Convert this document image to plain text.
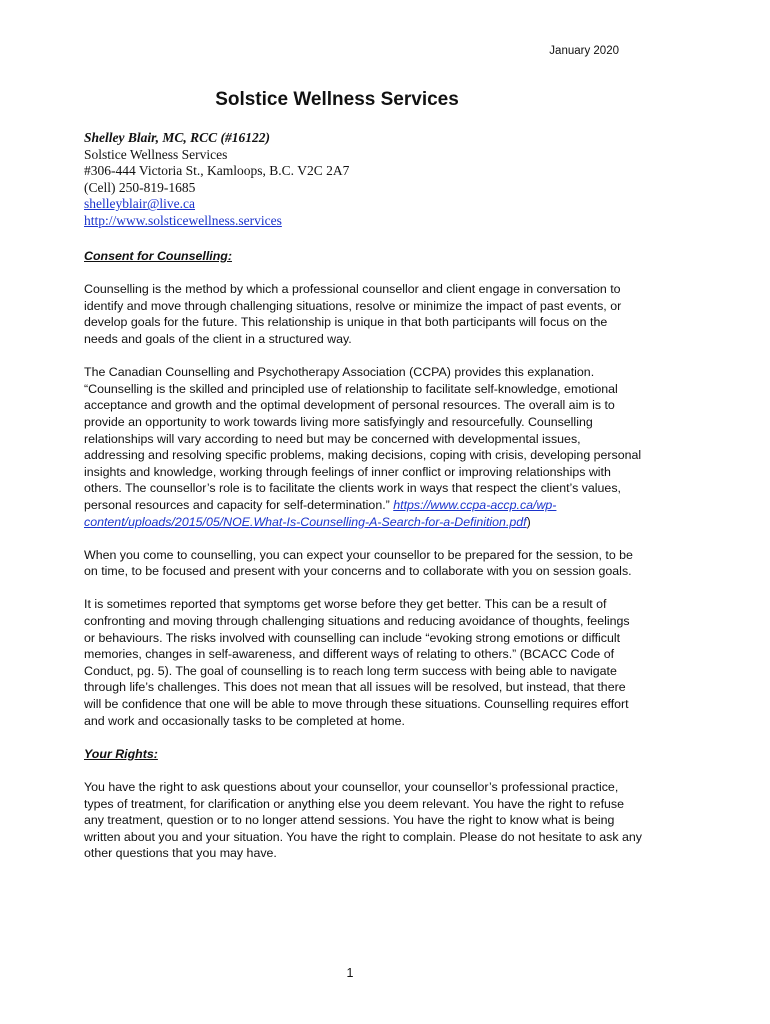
January 2020
Solstice Wellness Services
Shelley Blair, MC, RCC (#16122)
Solstice Wellness Services
#306-444 Victoria St., Kamloops, B.C. V2C 2A7
(Cell) 250-819-1685
shelleyblair@live.ca
http://www.solsticewellness.services
Consent for Counselling:

Counselling is the method by which a professional counsellor and client engage in conversation to identify and move through challenging situations, resolve or minimize the impact of past events, or develop goals for the future. This relationship is unique in that both participants will focus on the needs and goals of the client in a structured way.

The Canadian Counselling and Psychotherapy Association (CCPA) provides this explanation. “Counselling is the skilled and principled use of relationship to facilitate self-knowledge, emotional acceptance and growth and the optimal development of personal resources. The overall aim is to provide an opportunity to work towards living more satisfyingly and resourcefully. Counselling relationships will vary according to need but may be concerned with developmental issues, addressing and resolving specific problems, making decisions, coping with crisis, developing personal insights and knowledge, working through feelings of inner conflict or improving relationships with others. The counsellor’s role is to facilitate the clients work in ways that respect the client’s values, personal resources and capacity for self-determination.” https://www.ccpa-accp.ca/wp-content/uploads/2015/05/NOE.What-Is-Counselling-A-Search-for-a-Definition.pdf)

When you come to counselling, you can expect your counsellor to be prepared for the session, to be on time, to be focused and present with your concerns and to collaborate with you on session goals.

It is sometimes reported that symptoms get worse before they get better. This can be a result of confronting and moving through challenging situations and reducing avoidance of thoughts, feelings or behaviours. The risks involved with counselling can include “evoking strong emotions or difficult memories, changes in self-awareness, and different ways of relating to others.” (BCACC Code of Conduct, pg. 5). The goal of counselling is to reach long term success with being able to navigate through life’s challenges. This does not mean that all issues will be resolved, but instead, that there will be confidence that one will be able to move through these situations. Counselling requires effort and work and occasionally tasks to be completed at home.

Your Rights:

You have the right to ask questions about your counsellor, your counsellor’s professional practice, types of treatment, for clarification or anything else you deem relevant. You have the right to refuse any treatment, question or to no longer attend sessions. You have the right to know what is being written about you and your situation. You have the right to complain. Please do not hesitate to ask any other questions that you may have.

1
